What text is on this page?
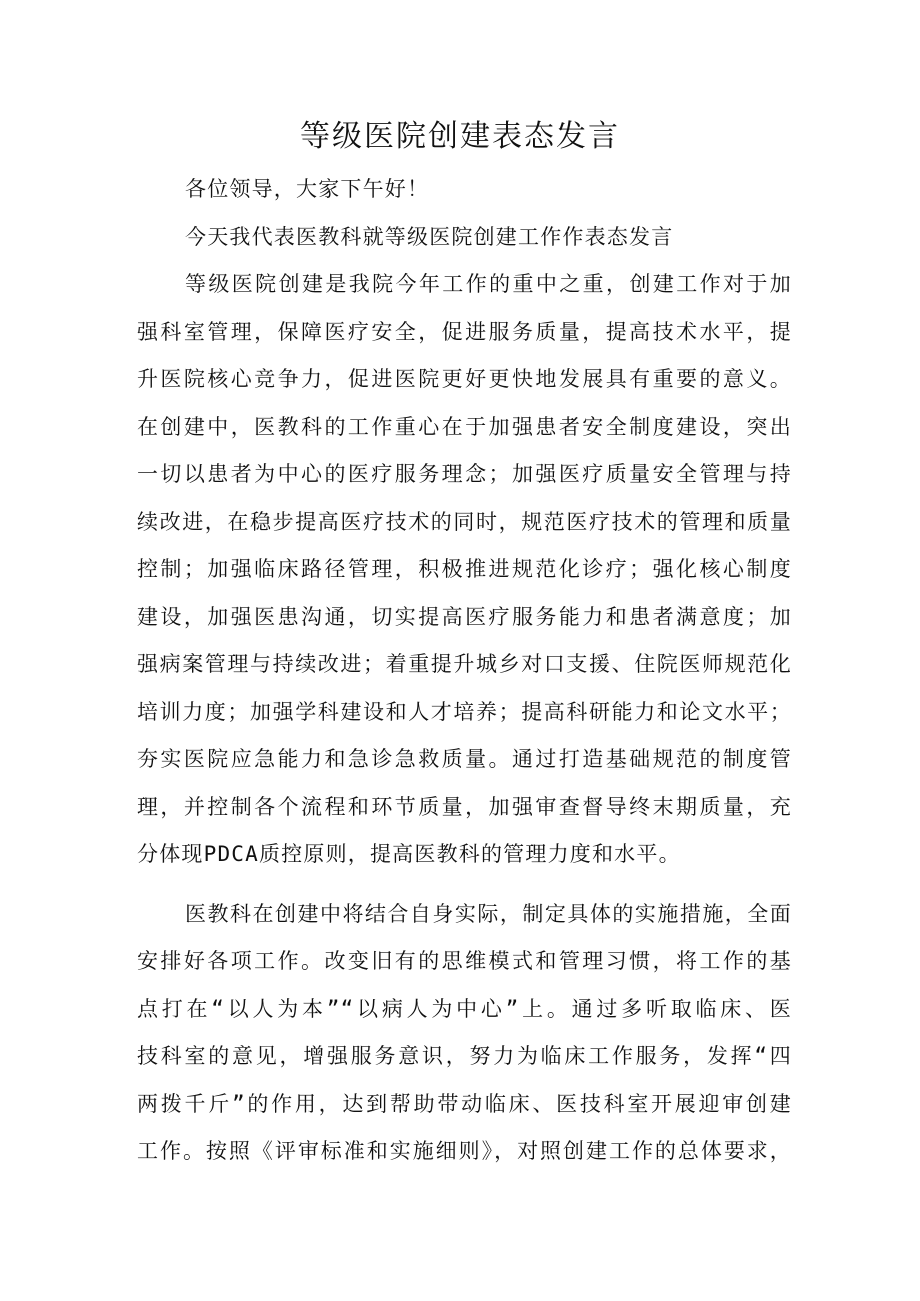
等级医院创建表态发言
各位领导，大家下午好！
今天我代表医教科就等级医院创建工作作表态发言
等级医院创建是我院今年工作的重中之重，创建工作对于加
强科室管理，保障医疗安全，促进服务质量，提高技术水平，提
升医院核心竞争力，促进医院更好更快地发展具有重要的意义。
在创建中，医教科的工作重心在于加强患者安全制度建设，突出
一切以患者为中心的医疗服务理念；加强医疗质量安全管理与持
续改进，在稳步提高医疗技术的同时，规范医疗技术的管理和质量
控制；加强临床路径管理，积极推进规范化诊疗；强化核心制度
建设，加强医患沟通，切实提高医疗服务能力和患者满意度；加
强病案管理与持续改进；着重提升城乡对口支援、住院医师规范化
培训力度；加强学科建设和人才培养；提高科研能力和论文水平；
夯实医院应急能力和急诊急救质量。通过打造基础规范的制度管
理，并控制各个流程和环节质量，加强审查督导终末期质量，充
分体现PDCA质控原则，提高医教科的管理力度和水平。
医教科在创建中将结合自身实际，制定具体的实施措施，全面
安排好各项工作。改变旧有的思维模式和管理习惯，将工作的基
点打在“以人为本”“以病人为中心”上。通过多听取临床、医
技科室的意见，增强服务意识，努力为临床工作服务，发挥“四
两拨千斤”的作用，达到帮助带动临床、医技科室开展迎审创建
工作。按照《评审标准和实施细则》，对照创建工作的总体要求，
